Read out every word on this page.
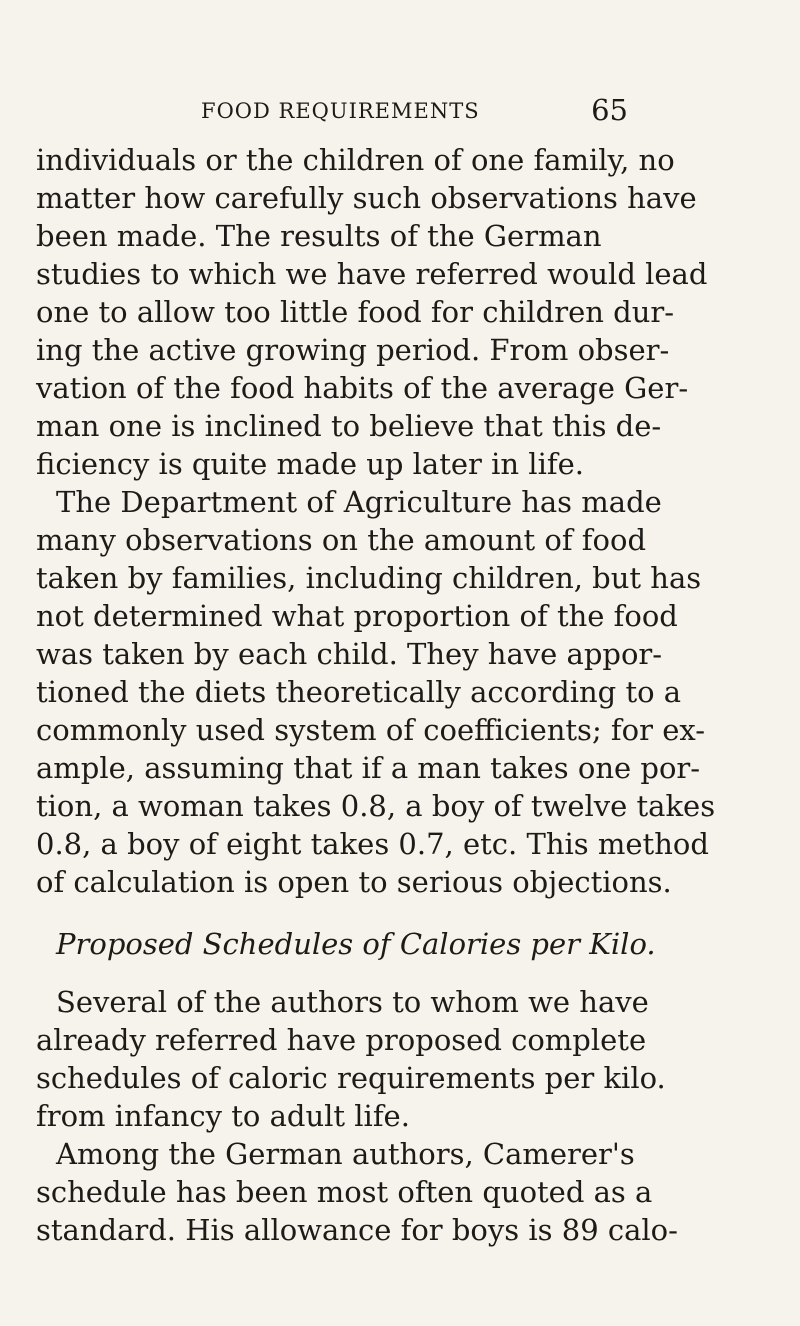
FOOD REQUIREMENTS	65
individuals or the children of one family, no
matter how carefully such observations have
been made. The results of the German
studies to which we have referred would lead
one to allow too little food for children dur-
ing the active growing period. From obser-
vation of the food habits of the average Ger-
man one is inclined to believe that this de-
ficiency is quite made up later in life.
The Department of Agriculture has made
many observations on the amount of food
taken by families, including children, but has
not determined what proportion of the food
was taken by each child. They have appor-
tioned the diets theoretically according to a
commonly used system of coefficients; for ex-
ample, assuming that if a man takes one por-
tion, a woman takes 0.8, a boy of twelve takes
0.8, a boy of eight takes 0.7, etc. This method
of calculation is open to serious objections.
Proposed Schedules of Calories per Kilo.
Several of the authors to whom we have
already referred have proposed complete
schedules of caloric requirements per kilo.
from infancy to adult life.
Among the German authors, Camerer's
schedule has been most often quoted as a
standard. His allowance for boys is 89 calo-
